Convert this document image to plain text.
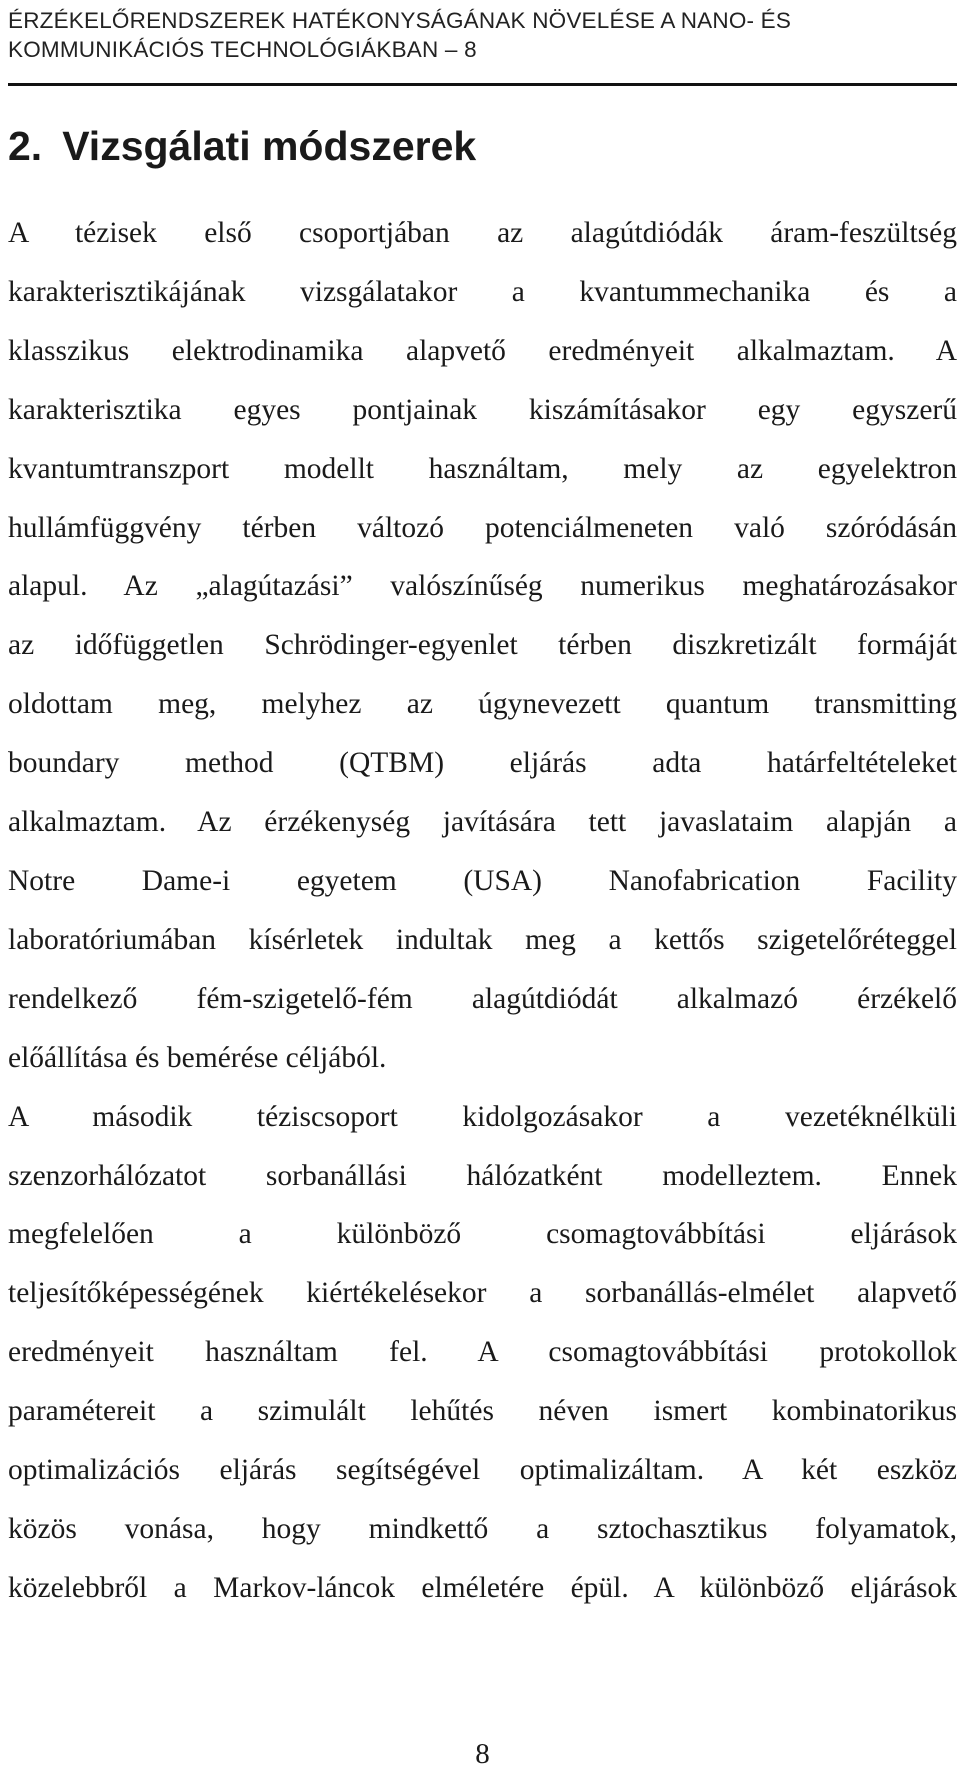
ÉRZÉKELŐRENDSZEREK HATÉKONYSÁGÁNAK NÖVELÉSE A NANO- ÉS
KOMMUNIKÁCIÓS TECHNOLÓGIÁKBAN – 8
2. Vizsgálati módszerek
A tézisek első csoportjában az alagútdiódák áram-feszültség
karakterisztikájának vizsgálatakor a kvantummechanika és a
klasszikus elektrodinamika alapvető eredményeit alkalmaztam. A
karakterisztika egyes pontjainak kiszámításakor egy egyszerű
kvantumtranszport modellt használtam, mely az egyelektron
hullámfüggvény térben változó potenciálmeneten való szóródásán
alapul. Az „alagútazási” valószínűség numerikus meghatározásakor
az időfüggetlen Schrödinger-egyenlet térben diszkretizált formáját
oldottam meg, melyhez az úgynevezett quantum transmitting
boundary method (QTBM) eljárás adta határfeltételeket
alkalmaztam. Az érzékenység javítására tett javaslataim alapján a
Notre Dame-i egyetem (USA) Nanofabrication Facility
laboratóriumában kísérletek indultak meg a kettős szigetelőréteggel
rendelkező fém-szigetelő-fém alagútdiódát alkalmazó érzékelő
előállítása és bemérése céljából.
A második téziscsoport kidolgozásakor a vezetéknélküli
szenzorhálózatot sorbanállási hálózatként modelleztem. Ennek
megfelelően a különböző csomagtovábbítási eljárások
teljesítőképességének kiértékelésekor a sorbanállás-elmélet alapvető
eredményeit használtam fel. A csomagtovábbítási protokollok
paramétereit a szimulált lehűtés néven ismert kombinatorikus
optimalizációs eljárás segítségével optimalizáltam. A két eszköz
közös vonása, hogy mindkettő a sztochasztikus folyamatok,
közelebbről a Markov-láncok elméletére épül. A különböző eljárások
8
